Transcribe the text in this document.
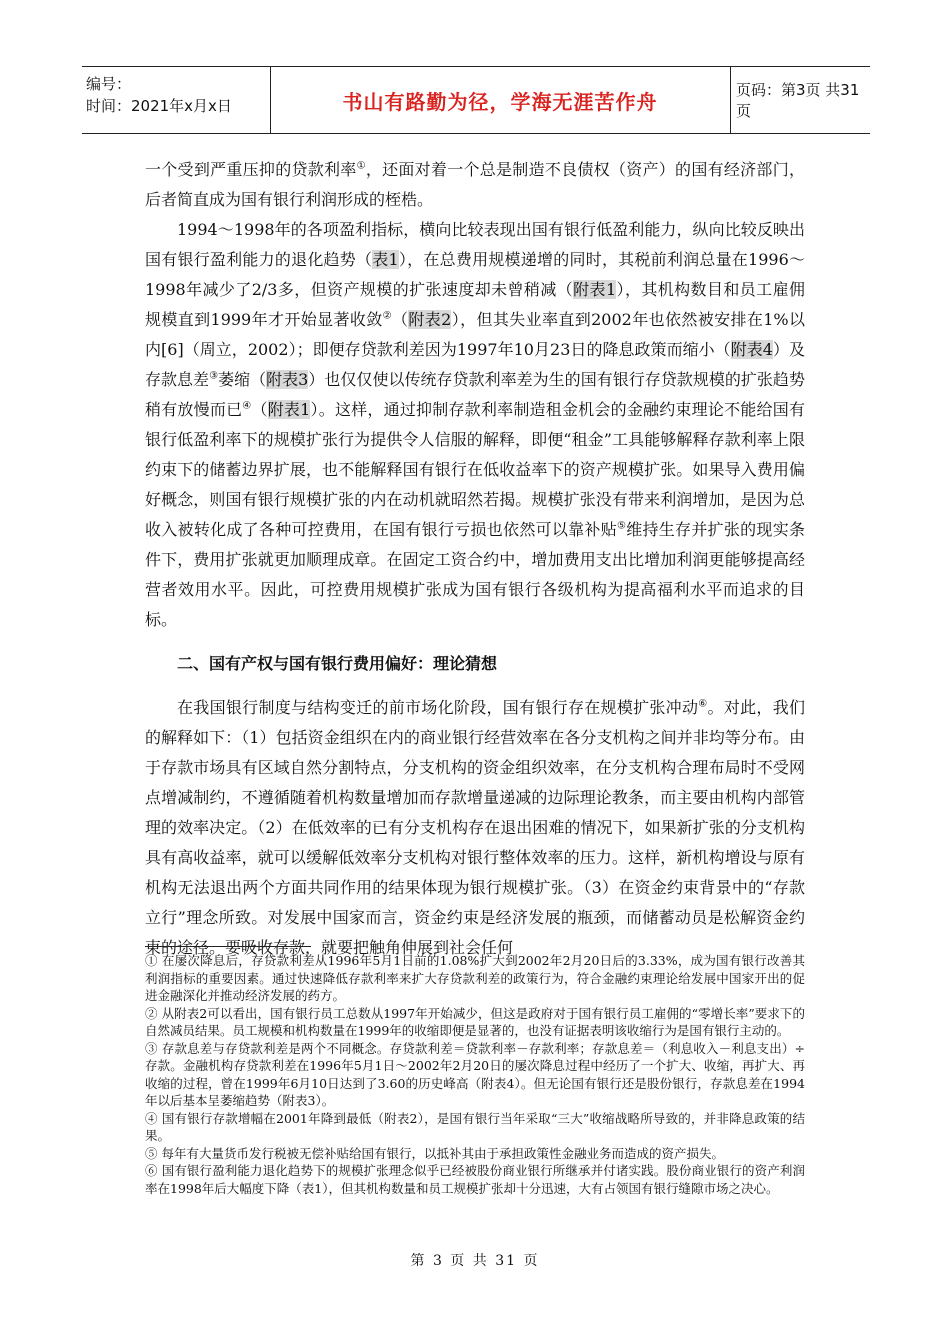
编号：
时间：2021年x月x日	书山有路勤为径，学海无涯苦作舟	页码：第3页 共31页

一个受到严重压抑的贷款利率①，还面对着一个总是制造不良债权（资产）的国有经济部门，后者简直成为国有银行利润形成的桎梏。

1994～1998年的各项盈利指标，横向比较表现出国有银行低盈利能力，纵向比较反映出国有银行盈利能力的退化趋势（表1），在总费用规模递增的同时，其税前利润总量在1996～1998年减少了2/3多，但资产规模的扩张速度却未曾稍减（附表1），其机构数目和员工雇佣规模直到1999年才开始显著收敛②（附表2），但其失业率直到2002年也依然被安排在1%以内[6]（周立，2002）；即便存贷款利差因为1997年10月23日的降息政策而缩小（附表4）及存款息差③萎缩（附表3）也仅仅使以传统存贷款利率差为生的国有银行存贷款规模的扩张趋势稍有放慢而已④（附表1）。这样，通过抑制存款利率制造租金机会的金融约束理论不能给国有银行低盈利率下的规模扩张行为提供令人信服的解释，即便“租金”工具能够解释存款利率上限约束下的储蓄边界扩展，也不能解释国有银行在低收益率下的资产规模扩张。如果导入费用偏好概念，则国有银行规模扩张的内在动机就昭然若揭。规模扩张没有带来利润增加，是因为总收入被转化成了各种可控费用，在国有银行亏损也依然可以靠补贴⑤维持生存并扩张的现实条件下，费用扩张就更加顺理成章。在固定工资合约中，增加费用支出比增加利润更能够提高经营者效用水平。因此，可控费用规模扩张成为国有银行各级机构为提高福利水平而追求的目标。

二、国有产权与国有银行费用偏好：理论猜想

在我国银行制度与结构变迁的前市场化阶段，国有银行存在规模扩张冲动⑥。对此，我们的解释如下：（1）包括资金组织在内的商业银行经营效率在各分支机构之间并非均等分布。由于存款市场具有区域自然分割特点，分支机构的资金组织效率，在分支机构合理布局时不受网点增减制约，不遵循随着机构数量增加而存款增量递减的边际理论教条，而主要由机构内部管理的效率决定。（2）在低效率的已有分支机构存在退出困难的情况下，如果新扩张的分支机构具有高收益率，就可以缓解低效率分支机构对银行整体效率的压力。这样，新机构增设与原有机构无法退出两个方面共同作用的结果体现为银行规模扩张。（3）在资金约束背景中的“存款立行”理念所致。对发展中国家而言，资金约束是经济发展的瓶颈，而储蓄动员是松解资金约束的途径。要吸收存款，就要把触角伸展到社会任何

① 在屡次降息后，存贷款利差从1996年5月1日前的1.08%扩大到2002年2月20日后的3.33%，成为国有银行改善其利润指标的重要因素。通过快速降低存款利率来扩大存贷款利差的政策行为，符合金融约束理论给发展中国家开出的促进金融深化并推动经济发展的药方。

② 从附表2可以看出，国有银行员工总数从1997年开始减少，但这是政府对于国有银行员工雇佣的“零增长率”要求下的自然减员结果。员工规模和机构数量在1999年的收缩即便是显著的，也没有证据表明该收缩行为是国有银行主动的。

③ 存款息差与存贷款利差是两个不同概念。存贷款利差＝贷款利率－存款利率；存款息差＝（利息收入－利息支出）÷存款。金融机构存贷款利差在1996年5月1日～2002年2月20日的屡次降息过程中经历了一个扩大、收缩，再扩大、再收缩的过程，曾在1999年6月10日达到了3.60的历史峰高（附表4）。但无论国有银行还是股份银行，存款息差在1994年以后基本呈萎缩趋势（附表3）。

④ 国有银行存款增幅在2001年降到最低（附表2），是国有银行当年采取“三大”收缩战略所导致的，并非降息政策的结果。

⑤ 每年有大量货币发行税被无偿补贴给国有银行，以抵补其由于承担政策性金融业务而造成的资产损失。

⑥ 国有银行盈利能力退化趋势下的规模扩张理念似乎已经被股份商业银行所继承并付诸实践。股份商业银行的资产利润率在1998年后大幅度下降（表1），但其机构数量和员工规模扩张却十分迅速，大有占领国有银行缝隙市场之决心。

第 3 页 共 31 页
